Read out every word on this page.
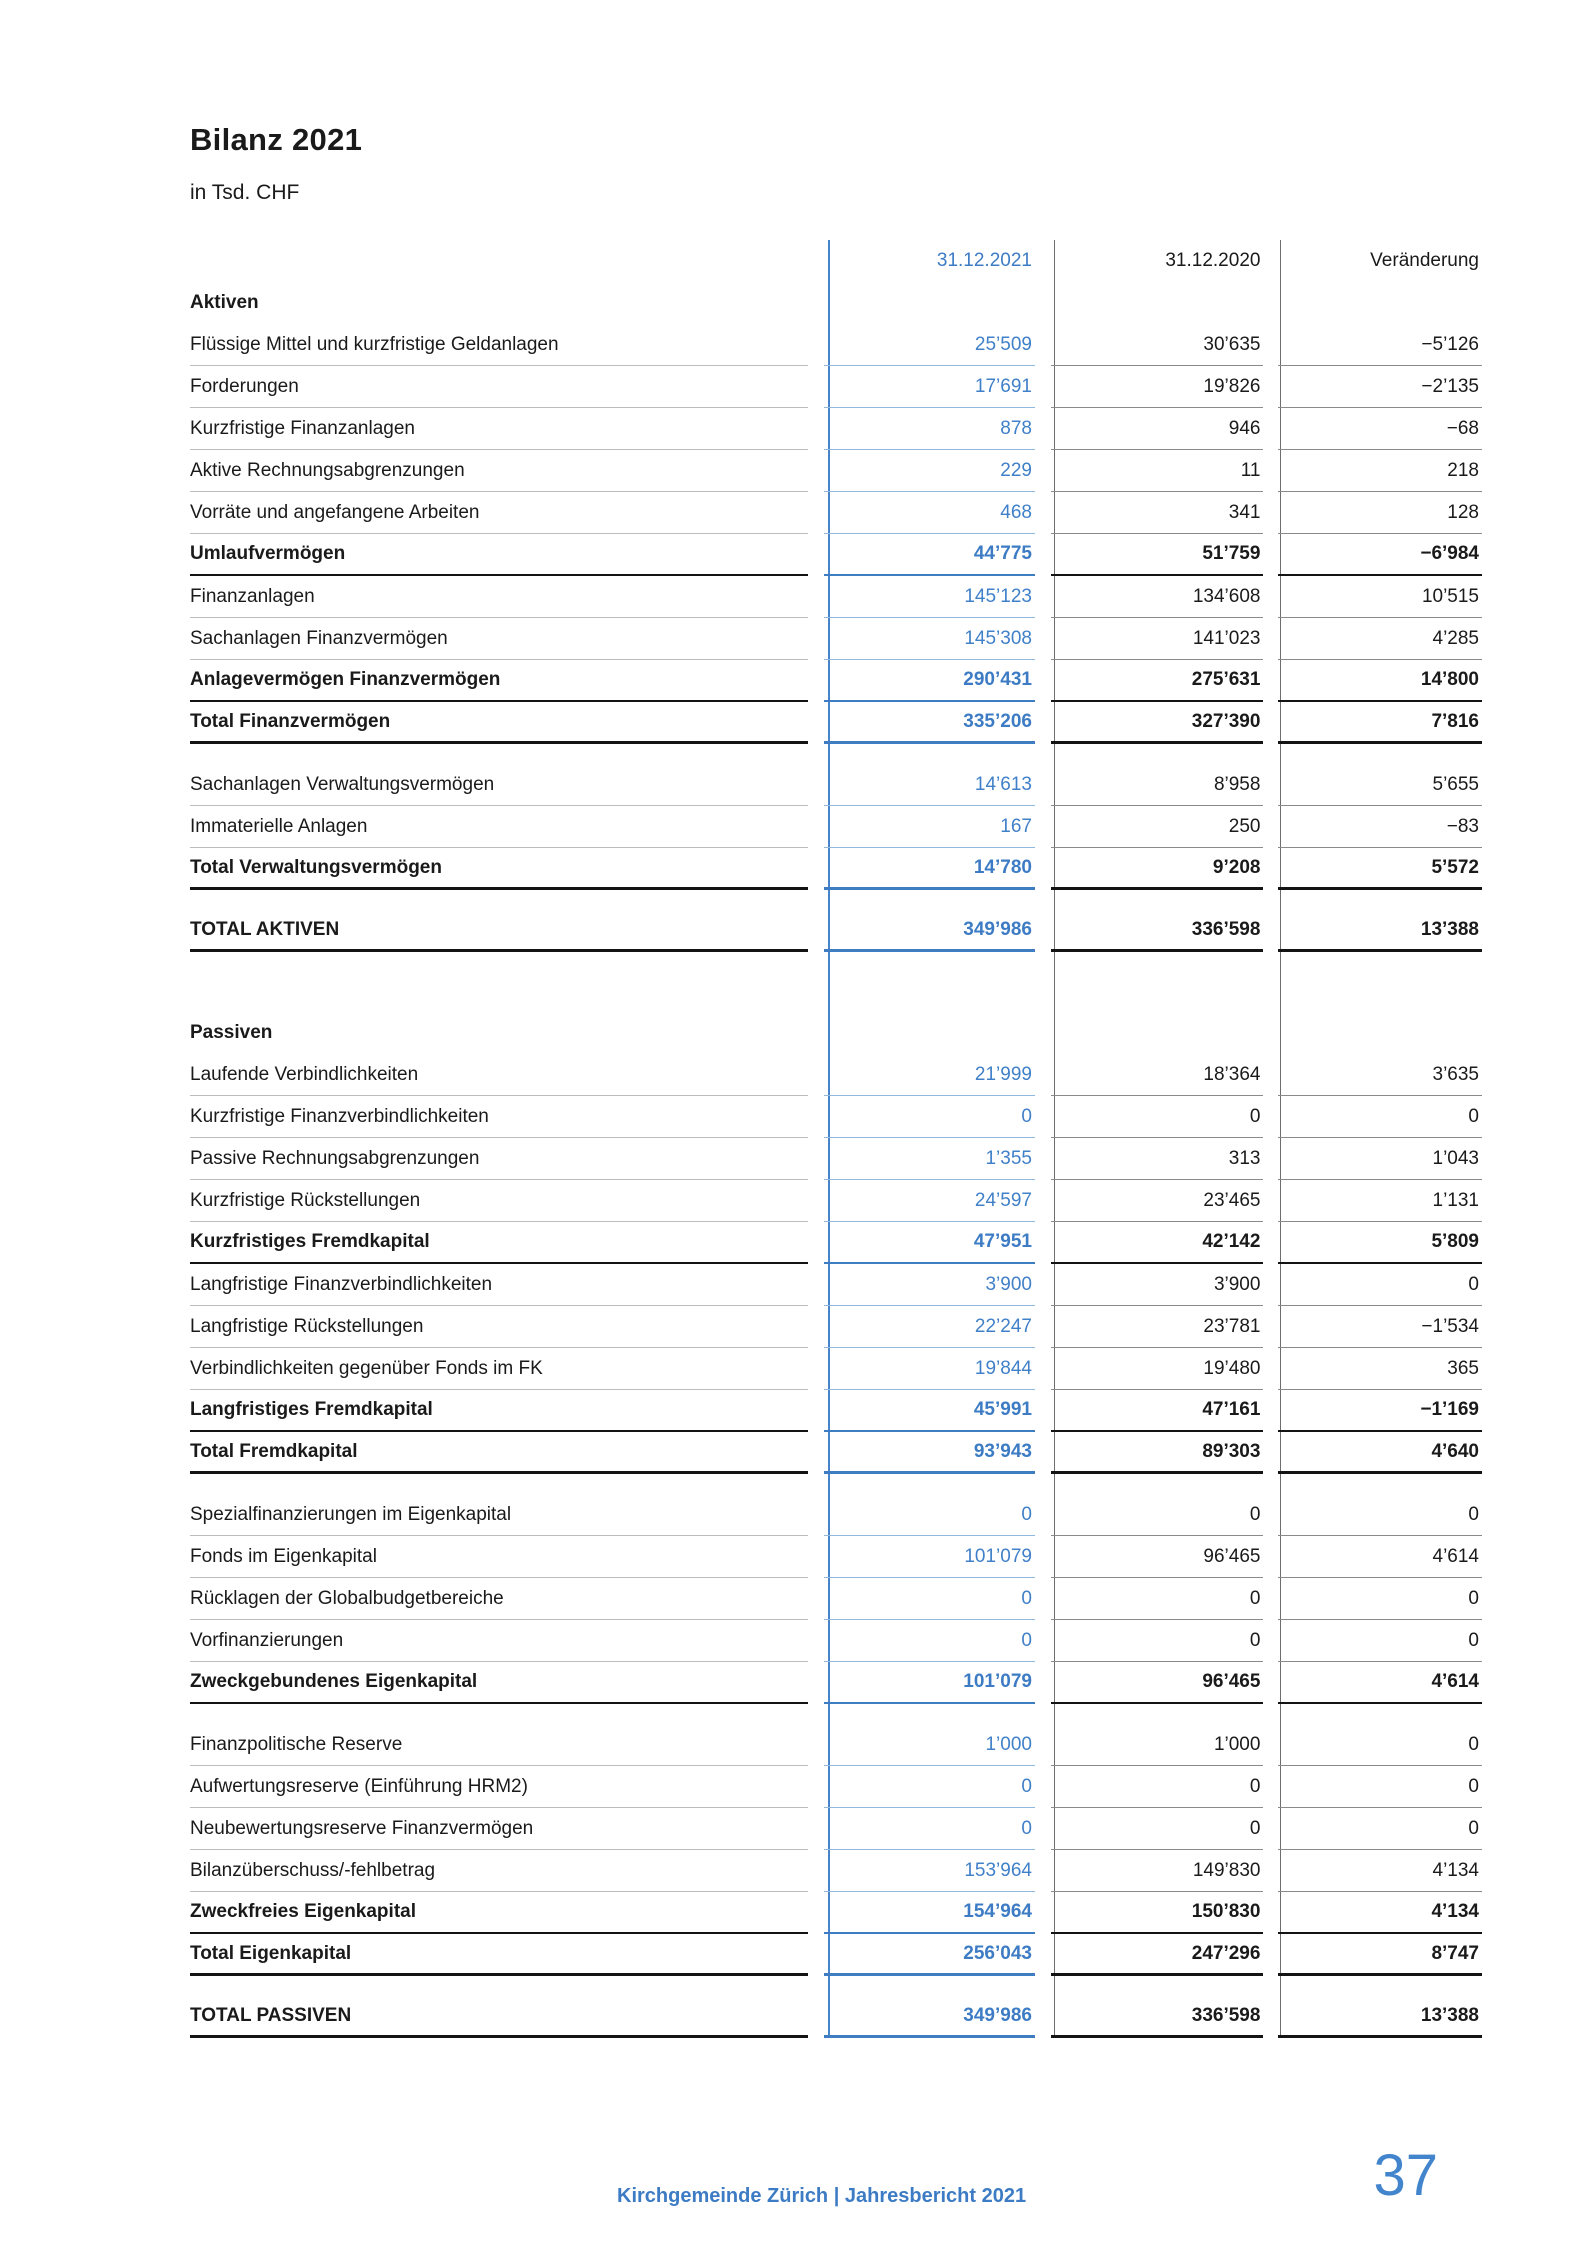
Bilanz 2021
in Tsd. CHF
31.12.2021	31.12.2020	Veränderung
Aktiven
Flüssige Mittel und kurzfristige Geldanlagen	25’509	30’635	−5’126
Forderungen	17’691	19’826	−2’135
Kurzfristige Finanzanlagen	878	946	−68
Aktive Rechnungsabgrenzungen	229	11	218
Vorräte und angefangene Arbeiten	468	341	128
Umlaufvermögen	44’775	51’759	−6’984
Finanzanlagen	145’123	134’608	10’515
Sachanlagen Finanzvermögen	145’308	141’023	4’285
Anlagevermögen Finanzvermögen	290’431	275’631	14’800
Total Finanzvermögen	335’206	327’390	7’816
Sachanlagen Verwaltungsvermögen	14’613	8’958	5’655
Immaterielle Anlagen	167	250	−83
Total Verwaltungsvermögen	14’780	9’208	5’572
TOTAL AKTIVEN	349’986	336’598	13’388
Passiven
Laufende Verbindlichkeiten	21’999	18’364	3’635
Kurzfristige Finanzverbindlichkeiten	0	0	0
Passive Rechnungsabgrenzungen	1’355	313	1’043
Kurzfristige Rückstellungen	24’597	23’465	1’131
Kurzfristiges Fremdkapital	47’951	42’142	5’809
Langfristige Finanzverbindlichkeiten	3’900	3’900	0
Langfristige Rückstellungen	22’247	23’781	−1’534
Verbindlichkeiten gegenüber Fonds im FK	19’844	19’480	365
Langfristiges Fremdkapital	45’991	47’161	−1’169
Total Fremdkapital	93’943	89’303	4’640
Spezialfinanzierungen im Eigenkapital	0	0	0
Fonds im Eigenkapital	101’079	96’465	4’614
Rücklagen der Globalbudgetbereiche	0	0	0
Vorfinanzierungen	0	0	0
Zweckgebundenes Eigenkapital	101’079	96’465	4’614
Finanzpolitische Reserve	1’000	1’000	0
Aufwertungsreserve (Einführung HRM2)	0	0	0
Neubewertungsreserve Finanzvermögen	0	0	0
Bilanzüberschuss/-fehlbetrag	153’964	149’830	4’134
Zweckfreies Eigenkapital	154’964	150’830	4’134
Total Eigenkapital	256’043	247’296	8’747
TOTAL PASSIVEN	349’986	336’598	13’388
Kirchgemeinde Zürich | Jahresbericht 2021	37
